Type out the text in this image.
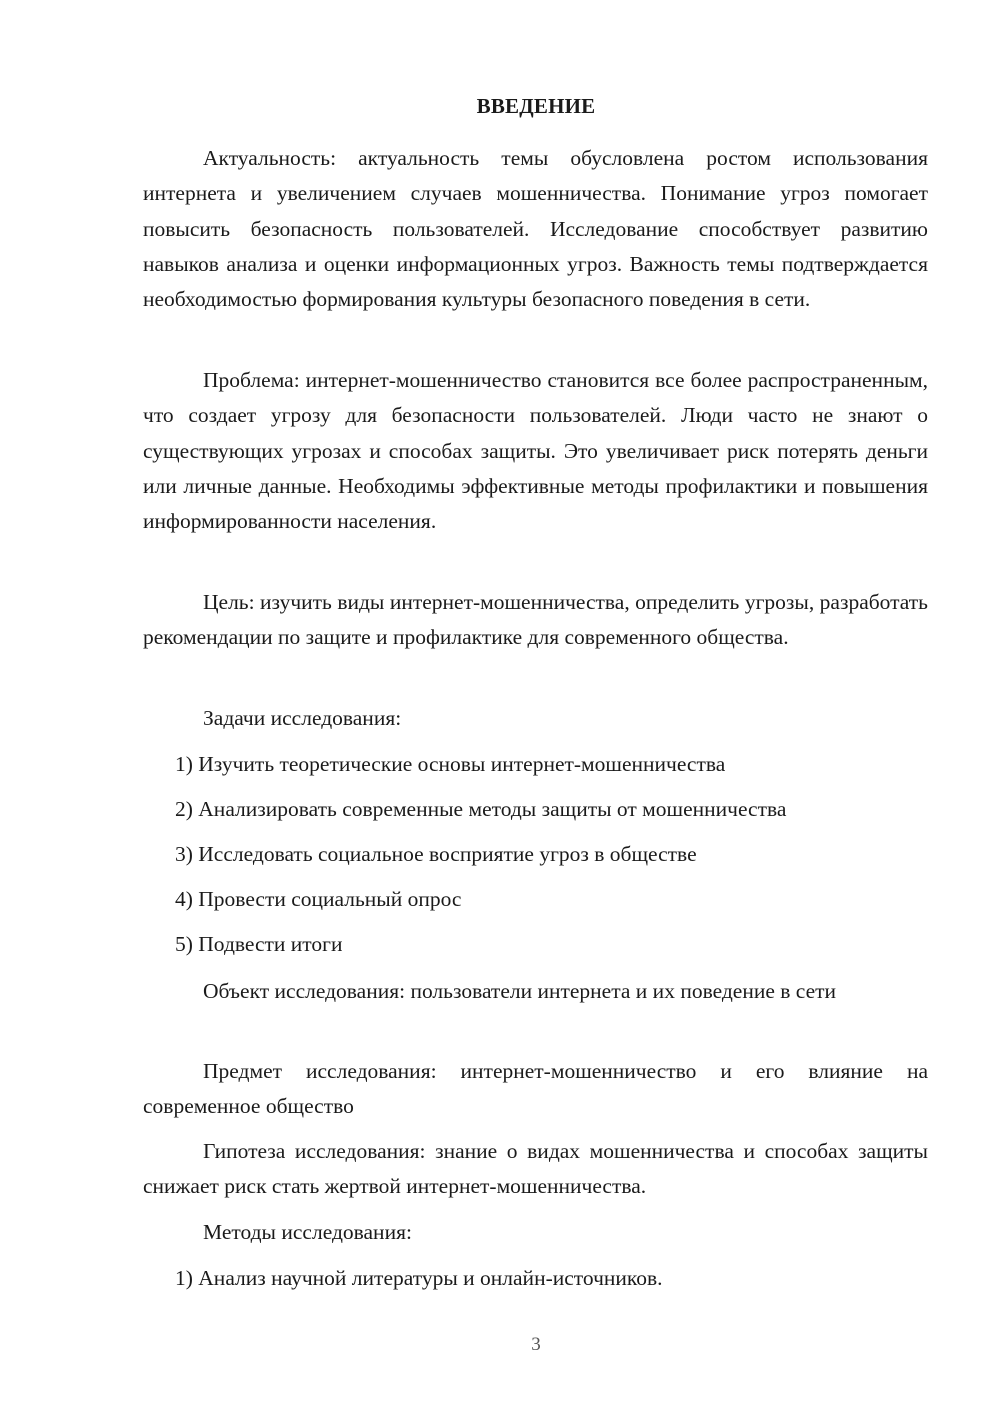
ВВЕДЕНИЕ

Актуальность: актуальность темы обусловлена ростом использования интернета и увеличением случаев мошенничества. Понимание угроз помогает повысить безопасность пользователей. Исследование способствует развитию навыков анализа и оценки информационных угроз. Важность темы подтверждается необходимостью формирования культуры безопасного поведения в сети.

Проблема: интернет-мошенничество становится все более распространенным, что создает угрозу для безопасности пользователей. Люди часто не знают о существующих угрозах и способах защиты. Это увеличивает риск потерять деньги или личные данные. Необходимы эффективные методы профилактики и повышения информированности населения.

Цель: изучить виды интернет-мошенничества, определить угрозы, разработать рекомендации по защите и профилактике для современного общества.

Задачи исследования:
1) Изучить теоретические основы интернет-мошенничества
2) Анализировать современные методы защиты от мошенничества
3) Исследовать социальное восприятие угроз в обществе
4) Провести социальный опрос
5) Подвести итоги

Объект исследования: пользователи интернета и их поведение в сети

Предмет исследования: интернет-мошенничество и его влияние на современное общество

Гипотеза исследования: знание о видах мошенничества и способах защиты снижает риск стать жертвой интернет-мошенничества.

Методы исследования:
1) Анализ научной литературы и онлайн-источников.
3
